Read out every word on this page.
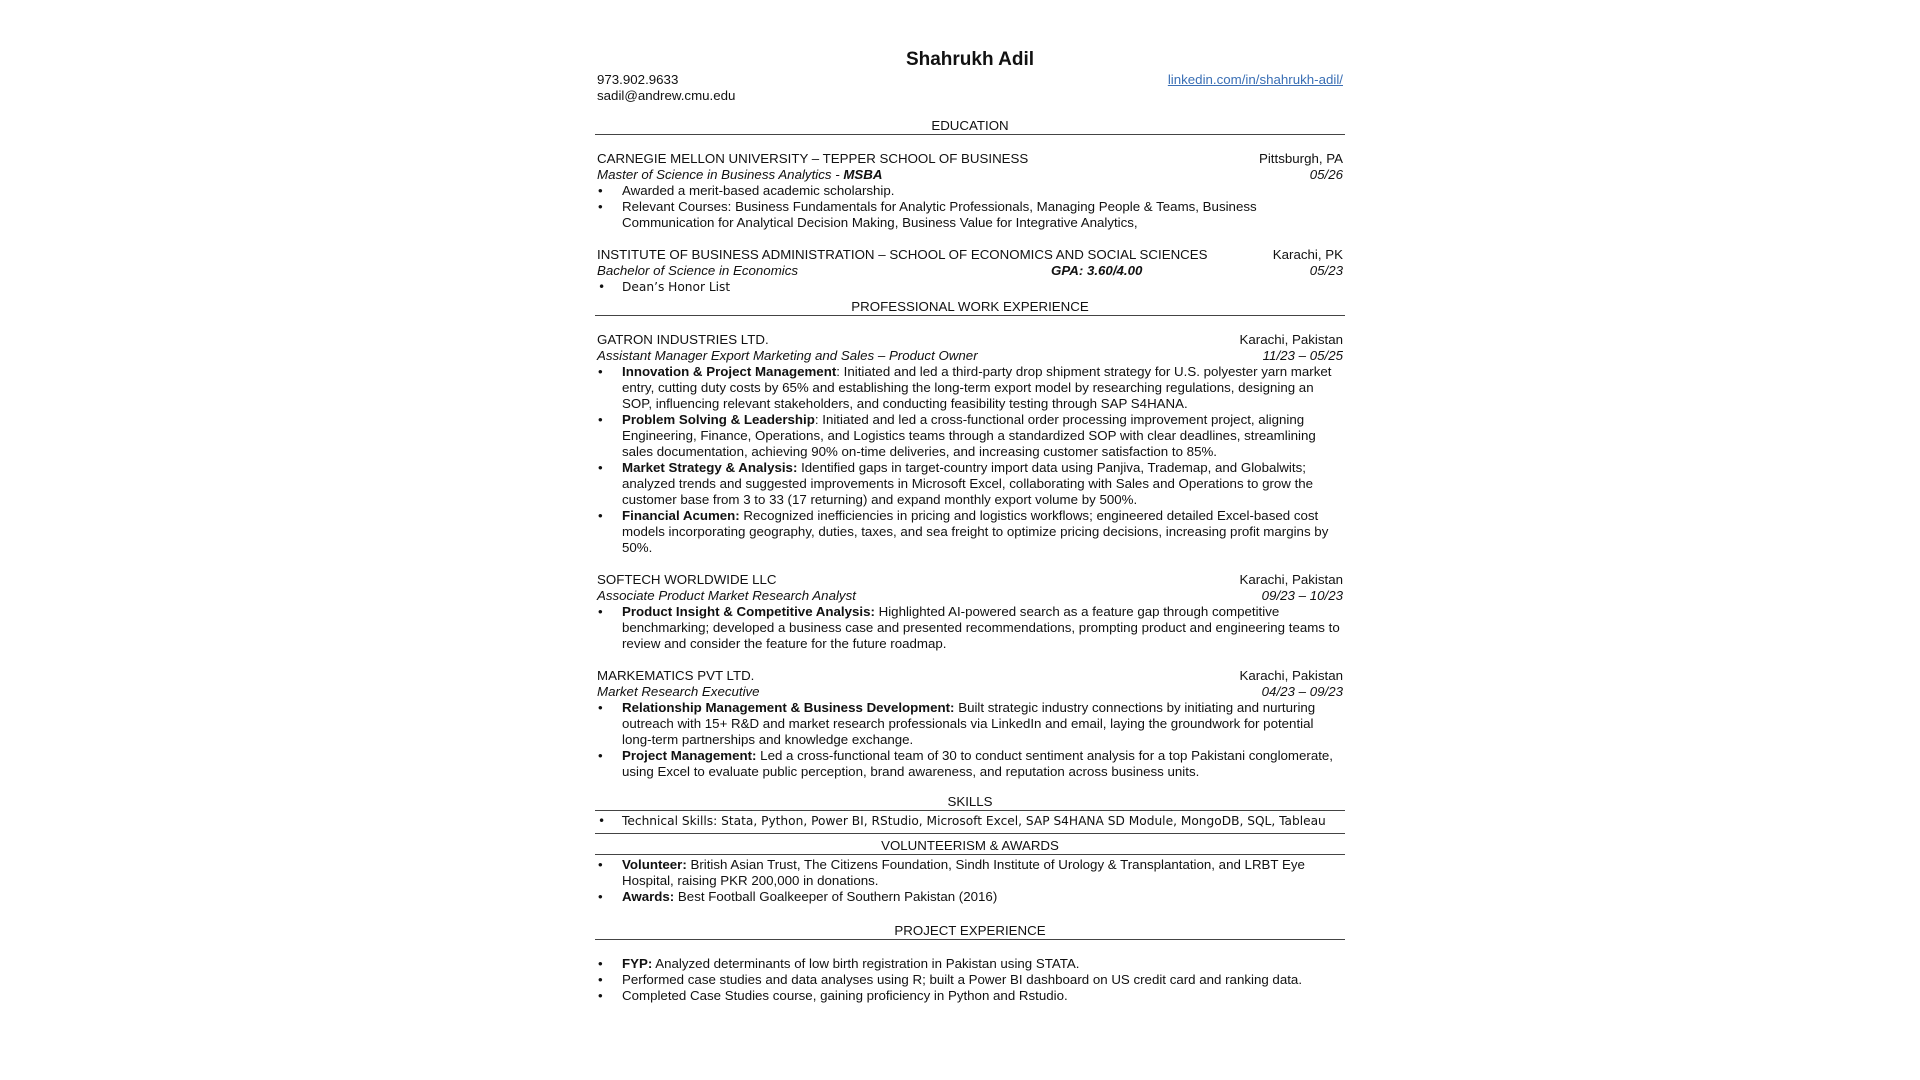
Shahrukh Adil
973.902.9633	linkedin.com/in/shahrukh-adil/
sadil@andrew.cmu.edu
EDUCATION
CARNEGIE MELLON UNIVERSITY – TEPPER SCHOOL OF BUSINESS	Pittsburgh, PA
Master of Science in Business Analytics - MSBA	05/26
• Awarded a merit-based academic scholarship.
• Relevant Courses: Business Fundamentals for Analytic Professionals, Managing People & Teams, Business Communication for Analytical Decision Making, Business Value for Integrative Analytics,
INSTITUTE OF BUSINESS ADMINISTRATION – SCHOOL OF ECONOMICS AND SOCIAL SCIENCES	Karachi, PK
Bachelor of Science in Economics	GPA: 3.60/4.00	05/23
• Dean’s Honor List
PROFESSIONAL WORK EXPERIENCE
GATRON INDUSTRIES LTD.	Karachi, Pakistan
Assistant Manager Export Marketing and Sales – Product Owner	11/23 – 05/25
• Innovation & Project Management: Initiated and led a third-party drop shipment strategy for U.S. polyester yarn market entry, cutting duty costs by 65% and establishing the long-term export model by researching regulations, designing an SOP, influencing relevant stakeholders, and conducting feasibility testing through SAP S4HANA.
• Problem Solving & Leadership: Initiated and led a cross-functional order processing improvement project, aligning Engineering, Finance, Operations, and Logistics teams through a standardized SOP with clear deadlines, streamlining sales documentation, achieving 90% on-time deliveries, and increasing customer satisfaction to 85%.
• Market Strategy & Analysis: Identified gaps in target-country import data using Panjiva, Trademap, and Globalwits; analyzed trends and suggested improvements in Microsoft Excel, collaborating with Sales and Operations to grow the customer base from 3 to 33 (17 returning) and expand monthly export volume by 500%.
• Financial Acumen: Recognized inefficiencies in pricing and logistics workflows; engineered detailed Excel-based cost models incorporating geography, duties, taxes, and sea freight to optimize pricing decisions, increasing profit margins by 50%.
SOFTECH WORLDWIDE LLC	Karachi, Pakistan
Associate Product Market Research Analyst	09/23 – 10/23
• Product Insight & Competitive Analysis: Highlighted AI-powered search as a feature gap through competitive benchmarking; developed a business case and presented recommendations, prompting product and engineering teams to review and consider the feature for the future roadmap.
MARKEMATICS PVT LTD.	Karachi, Pakistan
Market Research Executive	04/23 – 09/23
• Relationship Management & Business Development: Built strategic industry connections by initiating and nurturing outreach with 15+ R&D and market research professionals via LinkedIn and email, laying the groundwork for potential long-term partnerships and knowledge exchange.
• Project Management: Led a cross-functional team of 30 to conduct sentiment analysis for a top Pakistani conglomerate, using Excel to evaluate public perception, brand awareness, and reputation across business units.
SKILLS
• Technical Skills: Stata, Python, Power BI, RStudio, Microsoft Excel, SAP S4HANA SD Module, MongoDB, SQL, Tableau
VOLUNTEERISM & AWARDS
• Volunteer: British Asian Trust, The Citizens Foundation, Sindh Institute of Urology & Transplantation, and LRBT Eye Hospital, raising PKR 200,000 in donations.
• Awards: Best Football Goalkeeper of Southern Pakistan (2016)
PROJECT EXPERIENCE
• FYP: Analyzed determinants of low birth registration in Pakistan using STATA.
• Performed case studies and data analyses using R; built a Power BI dashboard on US credit card and ranking data.
• Completed Case Studies course, gaining proficiency in Python and Rstudio.
